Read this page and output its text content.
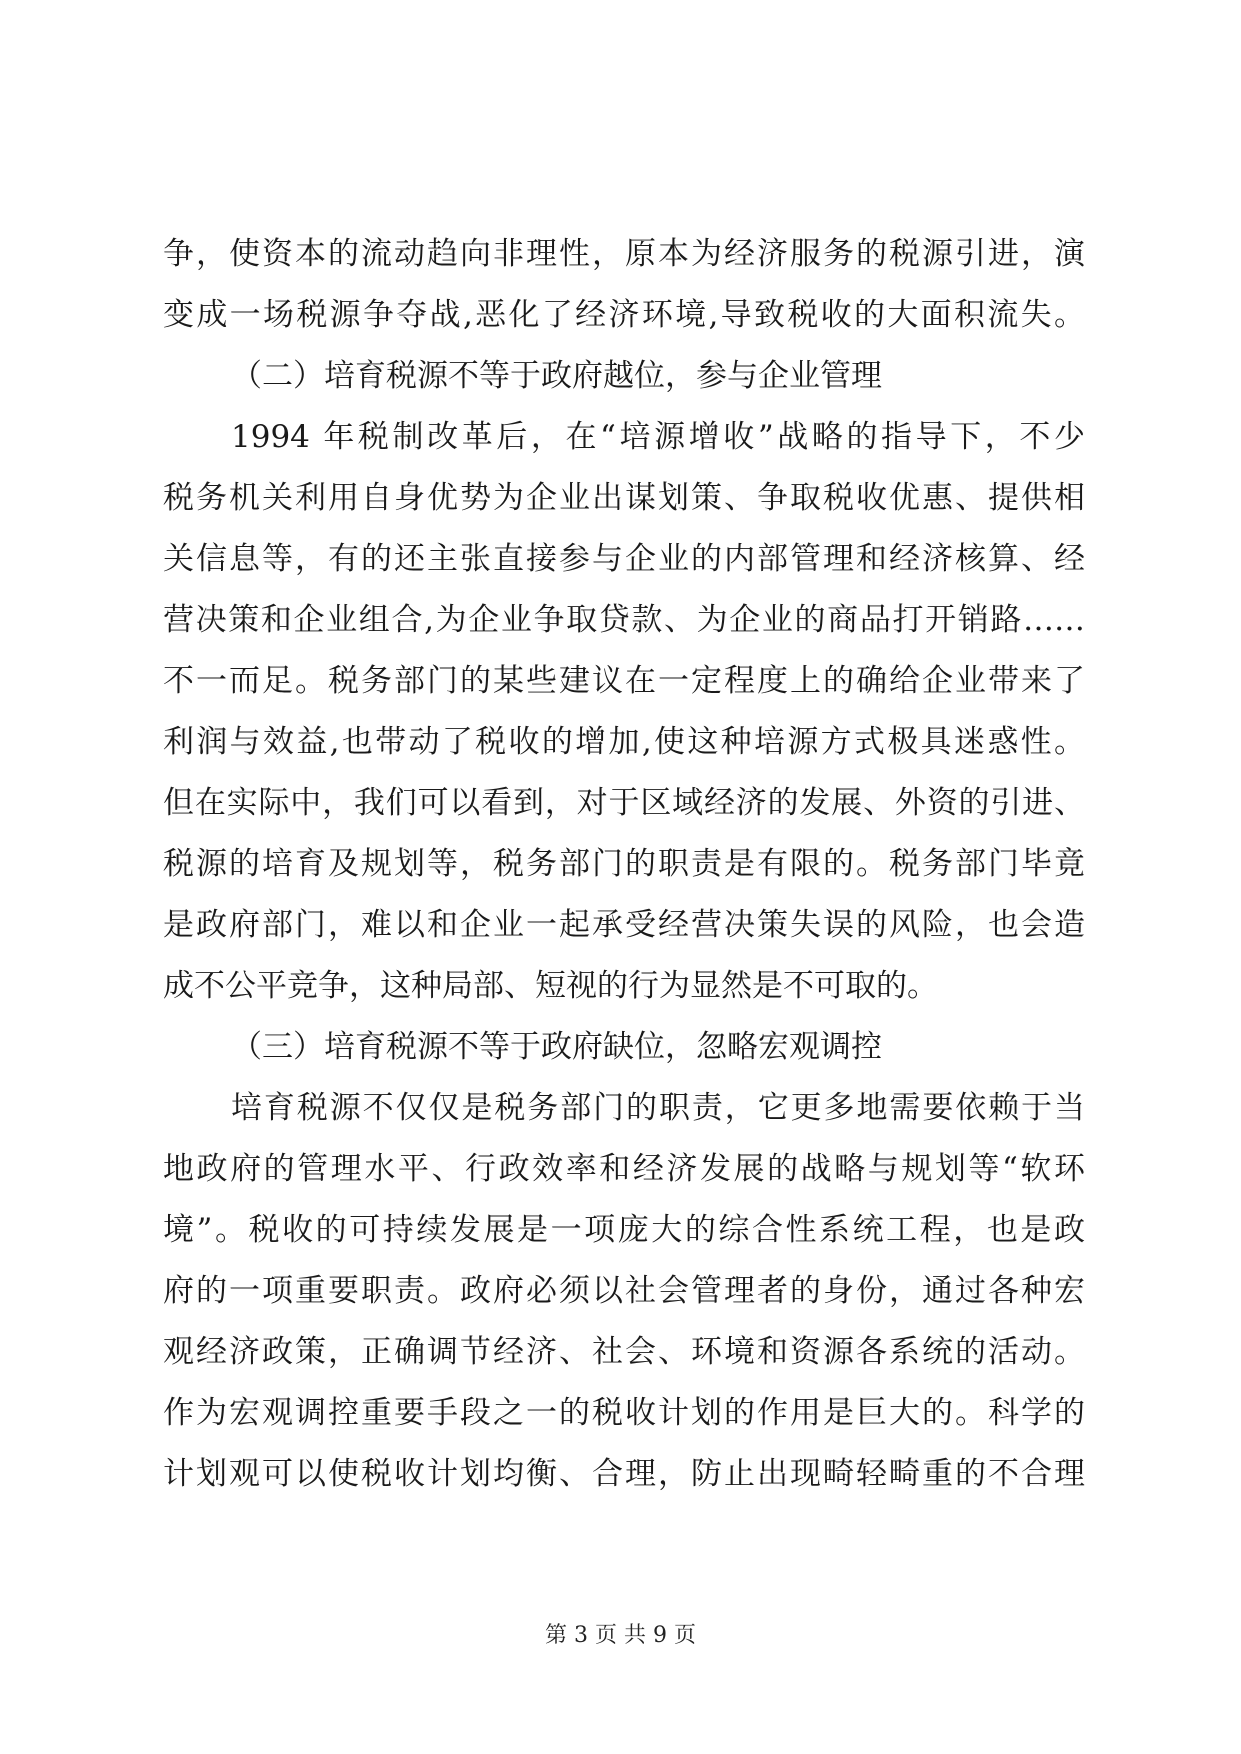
争，使资本的流动趋向非理性，原本为经济服务的税源引进，演
变成一场税源争夺战,恶化了经济环境,导致税收的大面积流失。
（二）培育税源不等于政府越位，参与企业管理
1994 年税制改革后，在“培源增收”战略的指导下，不少
税务机关利用自身优势为企业出谋划策、争取税收优惠、提供相
关信息等，有的还主张直接参与企业的内部管理和经济核算、经
营决策和企业组合,为企业争取贷款、为企业的商品打开销路……
不一而足。税务部门的某些建议在一定程度上的确给企业带来了
利润与效益,也带动了税收的增加,使这种培源方式极具迷惑性。
但在实际中，我们可以看到，对于区域经济的发展、外资的引进、
税源的培育及规划等，税务部门的职责是有限的。税务部门毕竟
是政府部门，难以和企业一起承受经营决策失误的风险，也会造
成不公平竞争，这种局部、短视的行为显然是不可取的。
（三）培育税源不等于政府缺位，忽略宏观调控
培育税源不仅仅是税务部门的职责，它更多地需要依赖于当
地政府的管理水平、行政效率和经济发展的战略与规划等“软环
境”。税收的可持续发展是一项庞大的综合性系统工程，也是政
府的一项重要职责。政府必须以社会管理者的身份，通过各种宏
观经济政策，正确调节经济、社会、环境和资源各系统的活动。
作为宏观调控重要手段之一的税收计划的作用是巨大的。科学的
计划观可以使税收计划均衡、合理，防止出现畸轻畸重的不合理
第 3 页 共 9 页
